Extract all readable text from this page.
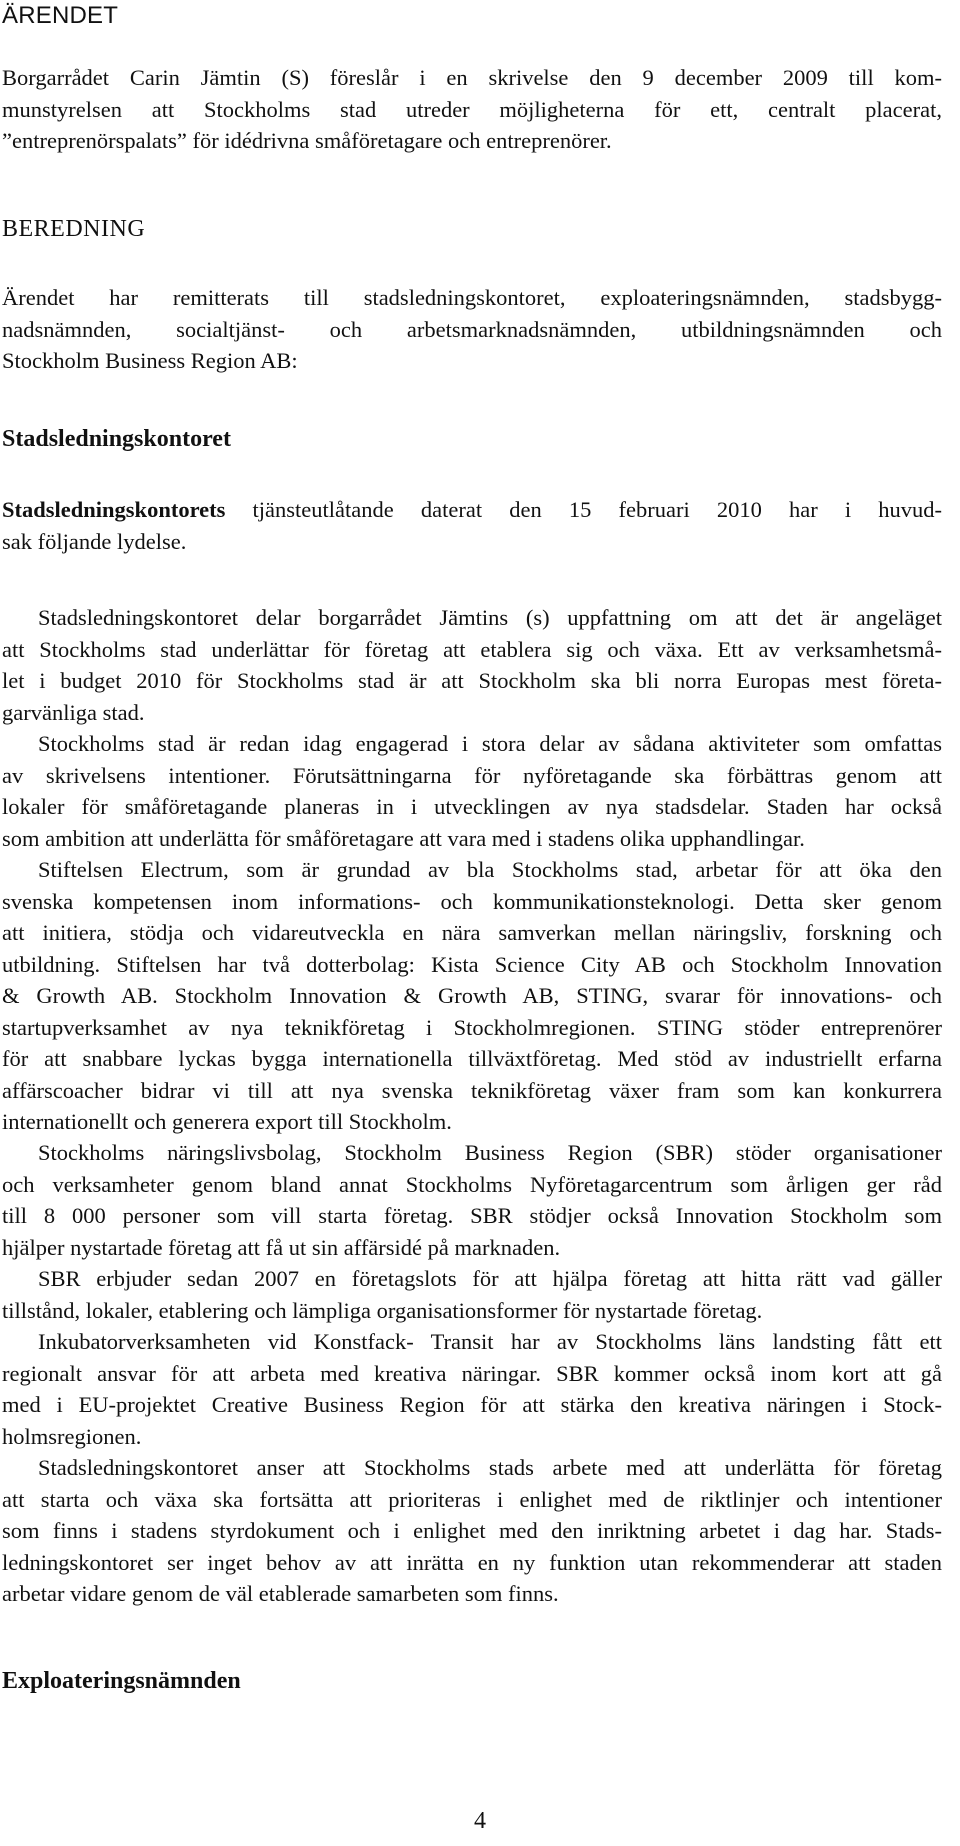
ÄRENDET
Borgarrådet Carin Jämtin (S) föreslår i en skrivelse den 9 december 2009 till kom-
munstyrelsen att Stockholms stad utreder möjligheterna för ett, centralt placerat,
”entreprenörspalats” för idédrivna småföretagare och entreprenörer.
BEREDNING
Ärendet har remitterats till stadsledningskontoret, exploateringsnämnden, stadsbygg-
nadsnämnden, socialtjänst- och arbetsmarknadsnämnden, utbildningsnämnden och
Stockholm Business Region AB:
Stadsledningskontoret
Stadsledningskontorets tjänsteutlåtande daterat den 15 februari 2010 har i huvud-
sak följande lydelse.
Stadsledningskontoret delar borgarrådet Jämtins (s) uppfattning om att det är angeläget
att Stockholms stad underlättar för företag att etablera sig och växa. Ett av verksamhetsmå-
let i budget 2010 för Stockholms stad är att Stockholm ska bli norra Europas mest företa-
garvänliga stad.
Stockholms stad är redan idag engagerad i stora delar av sådana aktiviteter som omfattas
av skrivelsens intentioner. Förutsättningarna för nyföretagande ska förbättras genom att
lokaler för småföretagande planeras in i utvecklingen av nya stadsdelar. Staden har också
som ambition att underlätta för småföretagare att vara med i stadens olika upphandlingar.
Stiftelsen Electrum, som är grundad av bla Stockholms stad, arbetar för att öka den
svenska kompetensen inom informations- och kommunikationsteknologi. Detta sker genom
att initiera, stödja och vidareutveckla en nära samverkan mellan näringsliv, forskning och
utbildning. Stiftelsen har två dotterbolag: Kista Science City AB och Stockholm Innovation
& Growth AB. Stockholm Innovation & Growth AB, STING, svarar för innovations- och
startupverksamhet av nya teknikföretag i Stockholmregionen. STING stöder entreprenörer
för att snabbare lyckas bygga internationella tillväxtföretag. Med stöd av industriellt erfarna
affärscoacher bidrar vi till att nya svenska teknikföretag växer fram som kan konkurrera
internationellt och generera export till Stockholm.
Stockholms näringslivsbolag, Stockholm Business Region (SBR) stöder organisationer
och verksamheter genom bland annat Stockholms Nyföretagarcentrum som årligen ger råd
till 8 000 personer som vill starta företag. SBR stödjer också Innovation Stockholm som
hjälper nystartade företag att få ut sin affärsidé på marknaden.
SBR erbjuder sedan 2007 en företagslots för att hjälpa företag att hitta rätt vad gäller
tillstånd, lokaler, etablering och lämpliga organisationsformer för nystartade företag.
Inkubatorverksamheten vid Konstfack- Transit har av Stockholms läns landsting fått ett
regionalt ansvar för att arbeta med kreativa näringar. SBR kommer också inom kort att gå
med i EU-projektet Creative Business Region för att stärka den kreativa näringen i Stock-
holmsregionen.
Stadsledningskontoret anser att Stockholms stads arbete med att underlätta för företag
att starta och växa ska fortsätta att prioriteras i enlighet med de riktlinjer och intentioner
som finns i stadens styrdokument och i enlighet med den inriktning arbetet i dag har. Stads-
ledningskontoret ser inget behov av att inrätta en ny funktion utan rekommenderar att staden
arbetar vidare genom de väl etablerade samarbeten som finns.
Exploateringsnämnden
4
